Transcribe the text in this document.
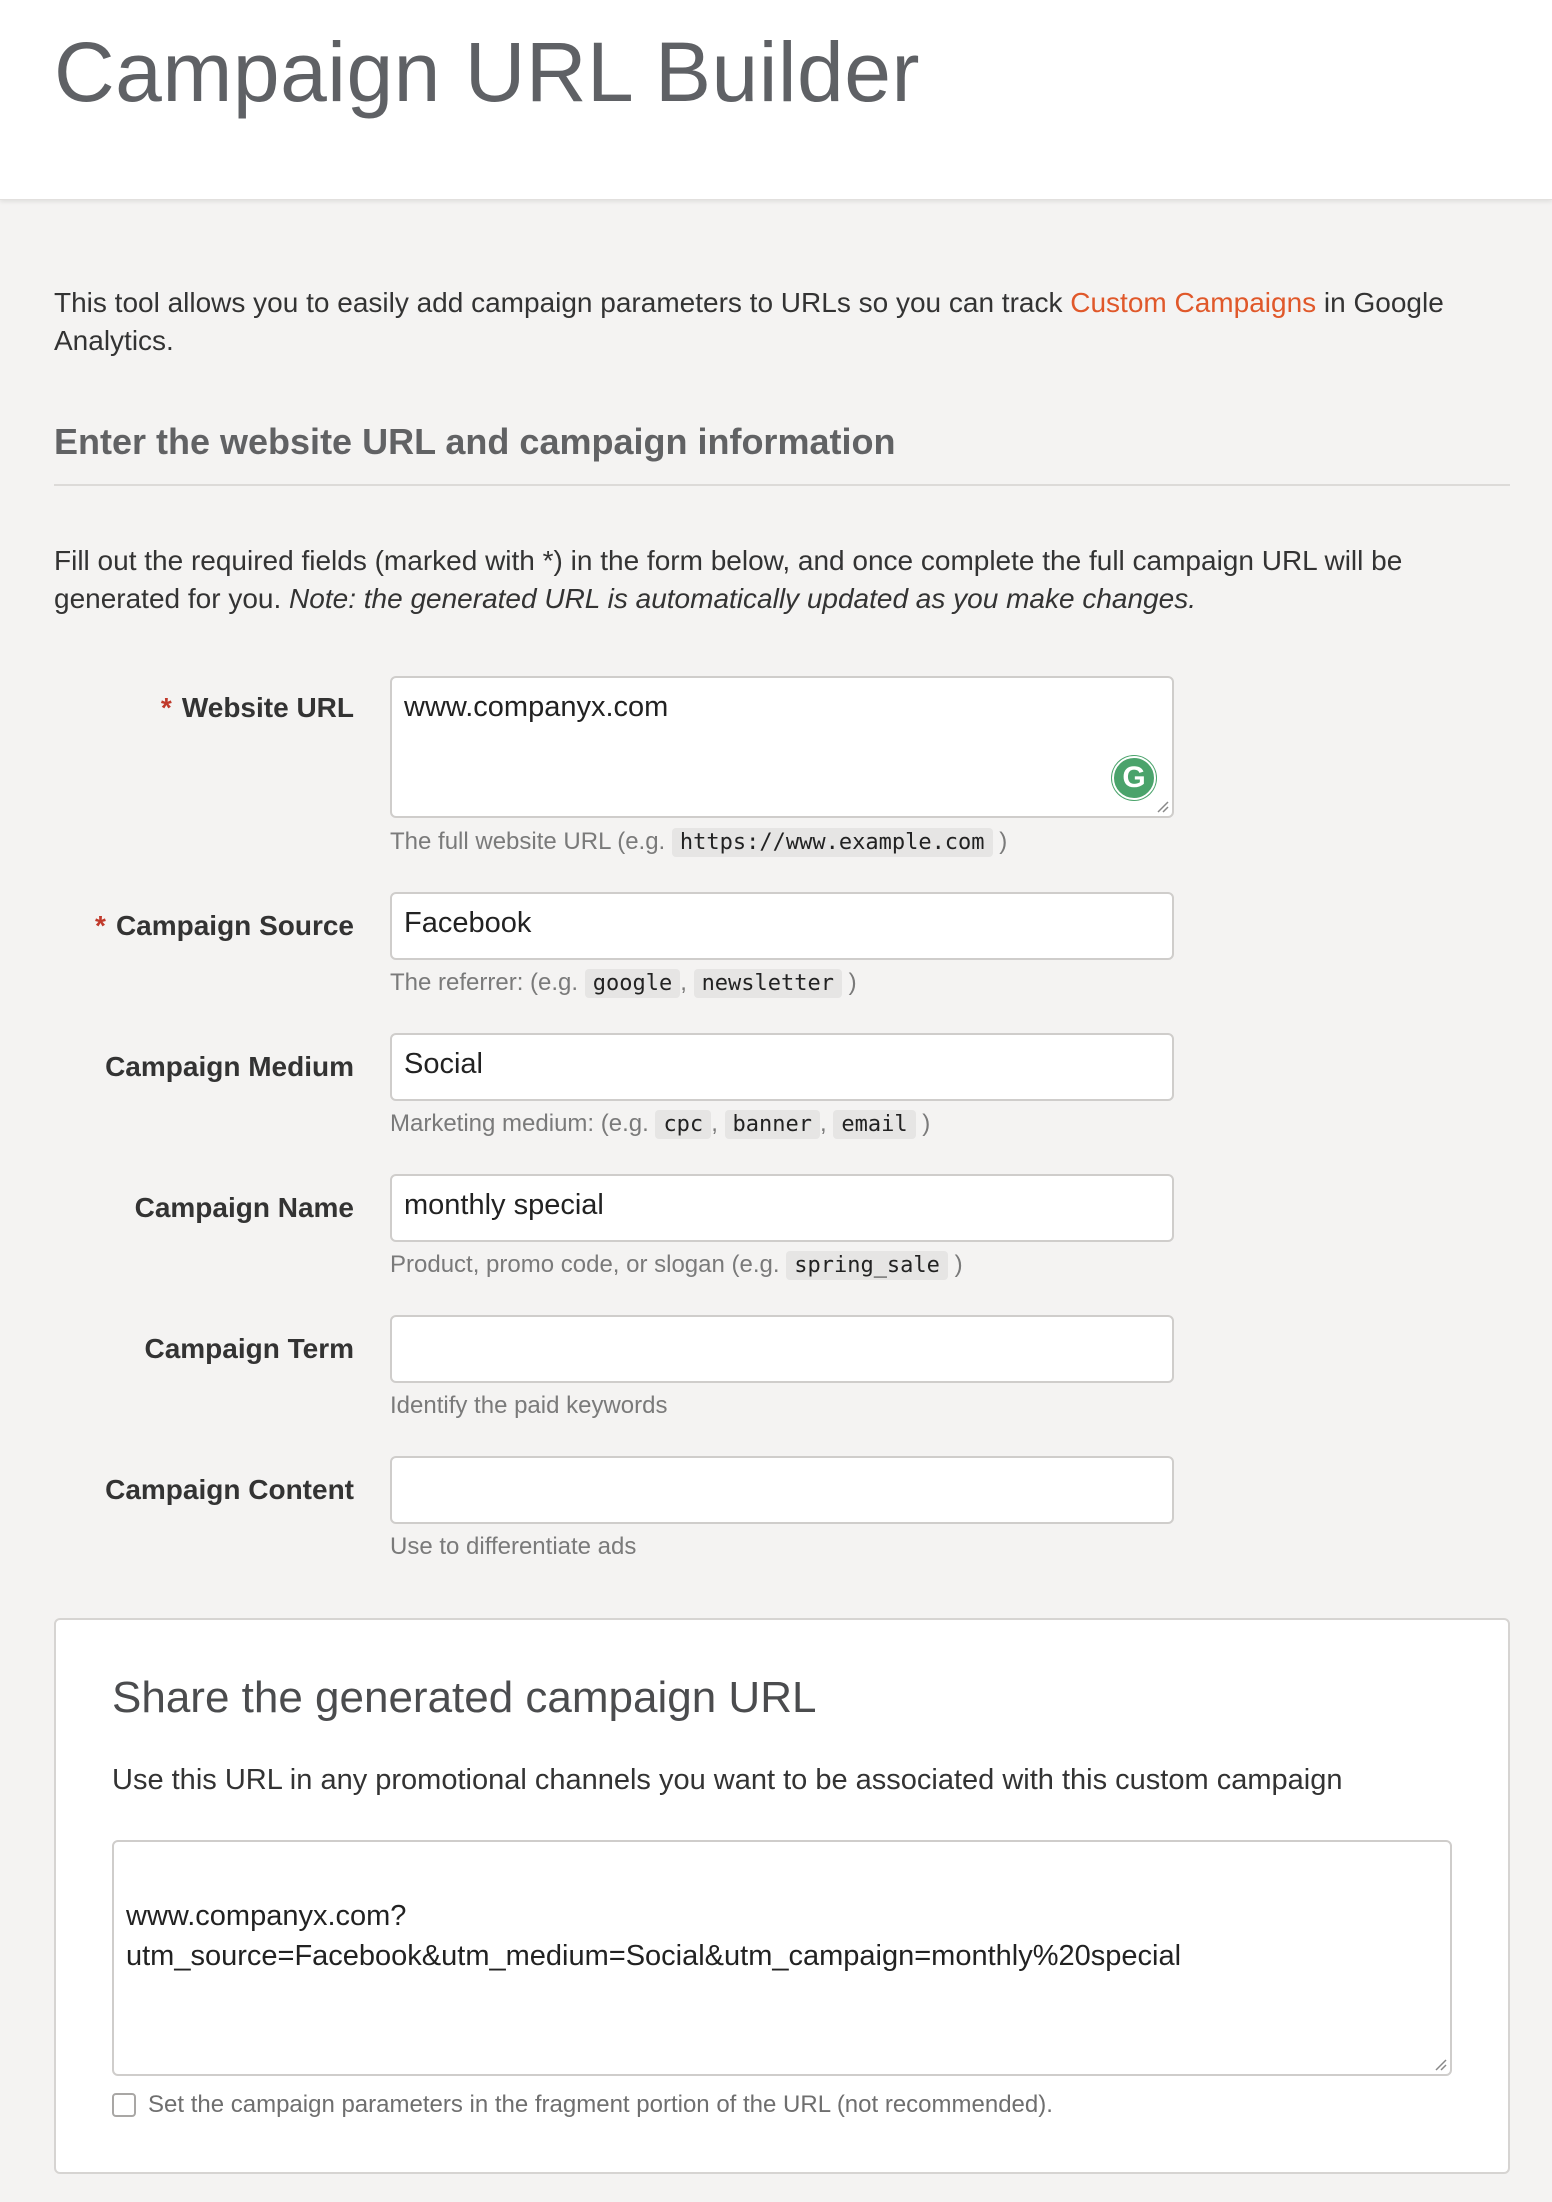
Campaign URL Builder

This tool allows you to easily add campaign parameters to URLs so you can track Custom Campaigns in Google Analytics.

Enter the website URL and campaign information

Fill out the required fields (marked with *) in the form below, and once complete the full campaign URL will be generated for you. Note: the generated URL is automatically updated as you make changes.

* Website URL	www.companyx.com
G
The full website URL (e.g. https://www.example.com )
* Campaign Source	Facebook
The referrer: (e.g. google , newsletter )
Campaign Medium	Social
Marketing medium: (e.g. cpc , banner , email )
Campaign Name	monthly special
Product, promo code, or slogan (e.g. spring_sale )
Campaign Term
Identify the paid keywords
Campaign Content
Use to differentiate ads
Share the generated campaign URL

Use this URL in any promotional channels you want to be associated with this custom campaign

www.companyx.com?
utm_source=Facebook&utm_medium=Social&utm_campaign=monthly%20special

Set the campaign parameters in the fragment portion of the URL (not recommended).
